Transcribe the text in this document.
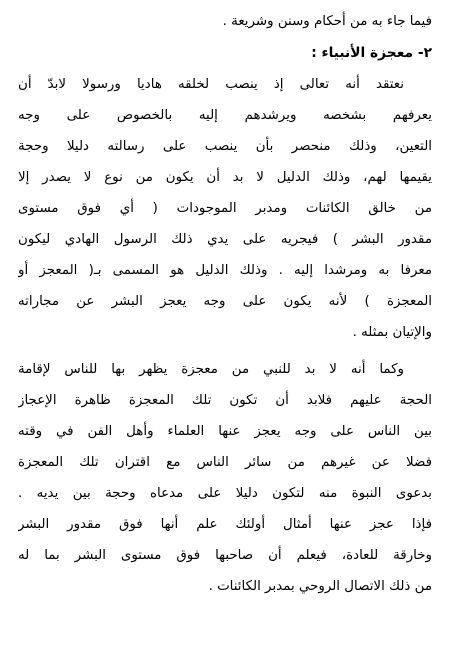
فيما جاء به من أحكام وسنن وشريعة .
٢- معجزة الأنبياء :
نعتقد أنه تعالى إذ ينصب لخلقه هاديا ورسولا لابدّ أن
يعرفهم بشخصه ويرشدهم إليه بالخصوص على وجه
التعين، وذلك منحصر بأن ينصب على رسالته دليلا وحجة
يقيمها لهم، وذلك الدليل لا بد أن يكون من نوع لا يصدر إلا
من خالق الكائنات ومدبر الموجودات ( أي فوق مستوى
مقدور البشر ) فيجريه على يدي ذلك الرسول الهادي ليكون
معرفا به ومرشدا إليه . وذلك الدليل هو المسمى بـ( المعجز أو
المعجزة ) لأنه يكون على وجه يعجز البشر عن مجاراته
والإتيان بمثله .
وكما أنه لا بد للنبي من معجزة يظهر بها للناس لإقامة
الحجة عليهم فلابد أن تكون تلك المعجزة ظاهرة الإعجاز
بين الناس على وجه يعجز عنها العلماء وأهل الفن في وقته
فضلا عن غيرهم من سائر الناس مع اقتران تلك المعجزة
بدعوى النبوة منه لتكون دليلا على مدعاه وحجة بين يديه .
فإذا عجز عنها أمثال أولئك علم أنها فوق مقدور البشر
وخارقة للعادة، فيعلم أن صاحبها فوق مستوى البشر بما له
من ذلك الاتصال الروحي بمدبر الكائنات .
